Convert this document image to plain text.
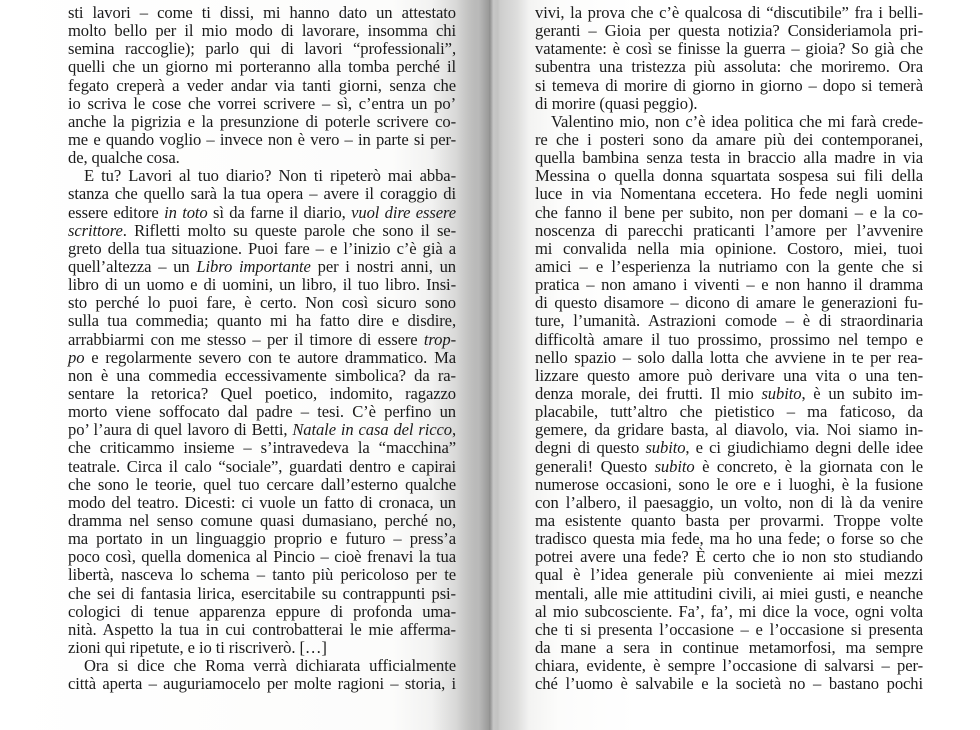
sti lavori – come ti dissi, mi hanno dato un attestato
molto bello per il mio modo di lavorare, insomma chi
semina raccoglie); parlo qui di lavori “professionali”,
quelli che un giorno mi porteranno alla tomba perché il
fegato creperà a veder andar via tanti giorni, senza che
io scriva le cose che vorrei scrivere – sì, c’entra un po’
anche la pigrizia e la presunzione di poterle scrivere co-
me e quando voglio – invece non è vero – in parte si per-
de, qualche cosa.
E tu? Lavori al tuo diario? Non ti ripeterò mai abba-
stanza che quello sarà la tua opera – avere il coraggio di
essere editore in toto sì da farne il diario, vuol dire essere
scrittore. Rifletti molto su queste parole che sono il se-
greto della tua situazione. Puoi fare – e l’inizio c’è già a
quell’altezza – un Libro importante per i nostri anni, un
libro di un uomo e di uomini, un libro, il tuo libro. Insi-
sto perché lo puoi fare, è certo. Non così sicuro sono
sulla tua commedia; quanto mi ha fatto dire e disdire,
arrabbiarmi con me stesso – per il timore di essere trop-
po e regolarmente severo con te autore drammatico. Ma
non è una commedia eccessivamente simbolica? da ra-
sentare la retorica? Quel poetico, indomito, ragazzo
morto viene soffocato dal padre – tesi. C’è perfino un
po’ l’aura di quel lavoro di Betti, Natale in casa del ricco,
che criticammo insieme – s’intravedeva la “macchina”
teatrale. Circa il calo “sociale”, guardati dentro e capirai
che sono le teorie, quel tuo cercare dall’esterno qualche
modo del teatro. Dicesti: ci vuole un fatto di cronaca, un
dramma nel senso comune quasi dumasiano, perché no,
ma portato in un linguaggio proprio e futuro – press’a
poco così, quella domenica al Pincio – cioè frenavi la tua
libertà, nasceva lo schema – tanto più pericoloso per te
che sei di fantasia lirica, esercitabile su contrappunti psi-
cologici di tenue apparenza eppure di profonda uma-
nità. Aspetto la tua in cui controbatterai le mie afferma-
zioni qui ripetute, e io ti riscriverò. […]
Ora si dice che Roma verrà dichiarata ufficialmente
città aperta – auguriamocelo per molte ragioni – storia, i
vivi, la prova che c’è qualcosa di “discutibile” fra i belli-
geranti – Gioia per questa notizia? Consideriamola pri-
vatamente: è così se finisse la guerra – gioia? So già che
subentra una tristezza più assoluta: che moriremo. Ora
si temeva di morire di giorno in giorno – dopo si temerà
di morire (quasi peggio).
Valentino mio, non c’è idea politica che mi farà crede-
re che i posteri sono da amare più dei contemporanei,
quella bambina senza testa in braccio alla madre in via
Messina o quella donna squartata sospesa sui fili della
luce in via Nomentana eccetera. Ho fede negli uomini
che fanno il bene per subito, non per domani – e la co-
noscenza di parecchi praticanti l’amore per l’avvenire
mi convalida nella mia opinione. Costoro, miei, tuoi
amici – e l’esperienza la nutriamo con la gente che si
pratica – non amano i viventi – e non hanno il dramma
di questo disamore – dicono di amare le generazioni fu-
ture, l’umanità. Astrazioni comode – è di straordinaria
difficoltà amare il tuo prossimo, prossimo nel tempo e
nello spazio – solo dalla lotta che avviene in te per rea-
lizzare questo amore può derivare una vita o una ten-
denza morale, dei frutti. Il mio subito, è un subito im-
placabile, tutt’altro che pietistico – ma faticoso, da
gemere, da gridare basta, al diavolo, via. Noi siamo in-
degni di questo subito, e ci giudichiamo degni delle idee
generali! Questo subito è concreto, è la giornata con le
numerose occasioni, sono le ore e i luoghi, è la fusione
con l’albero, il paesaggio, un volto, non di là da venire
ma esistente quanto basta per provarmi. Troppe volte
tradisco questa mia fede, ma ho una fede; o forse so che
potrei avere una fede? È certo che io non sto studiando
qual è l’idea generale più conveniente ai miei mezzi
mentali, alle mie attitudini civili, ai miei gusti, e neanche
al mio subcosciente. Fa’, fa’, mi dice la voce, ogni volta
che ti si presenta l’occasione – e l’occasione si presenta
da mane a sera in continue metamorfosi, ma sempre
chiara, evidente, è sempre l’occasione di salvarsi – per-
ché l’uomo è salvabile e la società no – bastano pochi
